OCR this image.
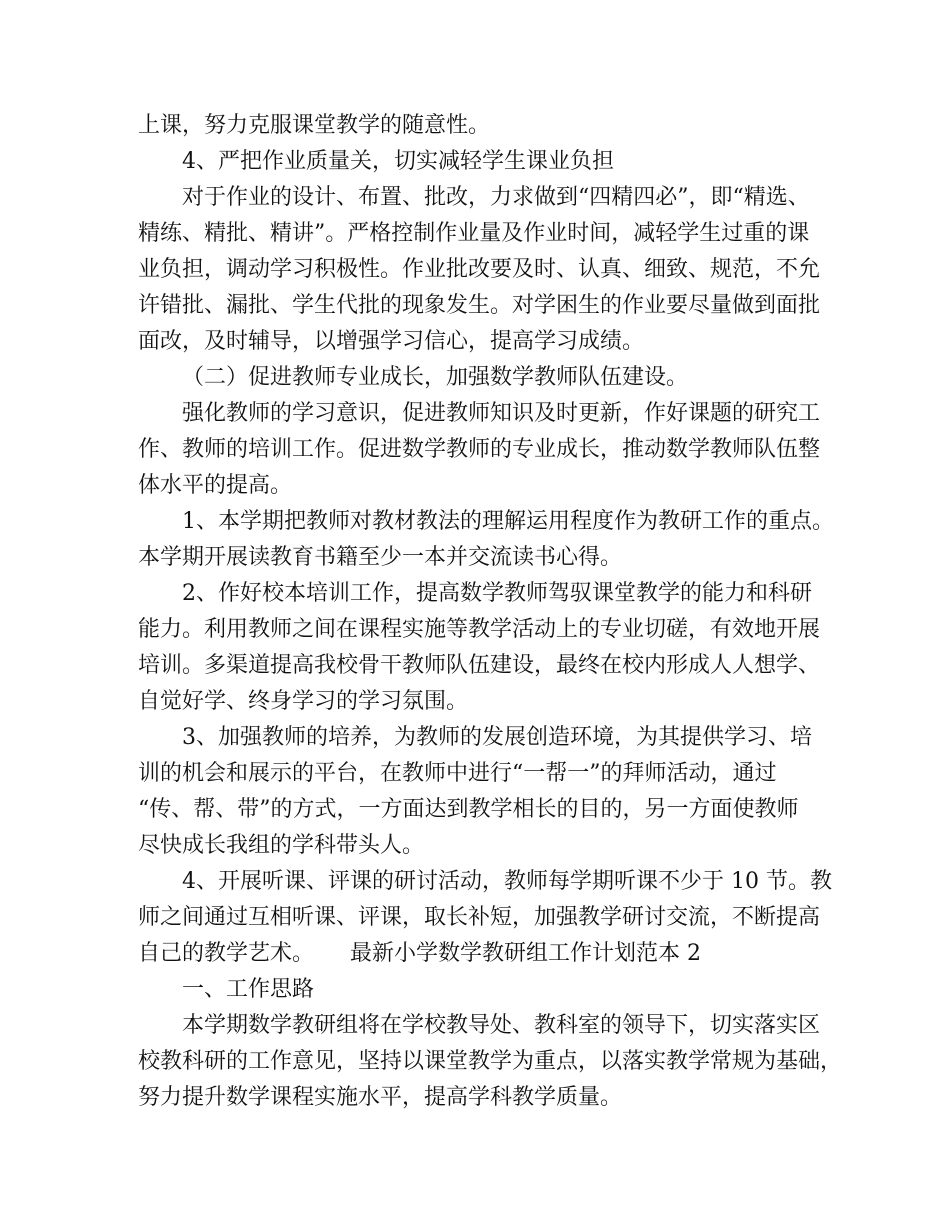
上课，努力克服课堂教学的随意性。
4、严把作业质量关，切实减轻学生课业负担
对于作业的设计、布置、批改，力求做到“四精四必”，即“精选、
精练、精批、精讲”。严格控制作业量及作业时间，减轻学生过重的课
业负担，调动学习积极性。作业批改要及时、认真、细致、规范，不允
许错批、漏批、学生代批的现象发生。对学困生的作业要尽量做到面批
面改，及时辅导，以增强学习信心，提高学习成绩。
（二）促进教师专业成长，加强数学教师队伍建设。
强化教师的学习意识，促进教师知识及时更新，作好课题的研究工
作、教师的培训工作。促进数学教师的专业成长，推动数学教师队伍整
体水平的提高。
1、本学期把教师对教材教法的理解运用程度作为教研工作的重点。
本学期开展读教育书籍至少一本并交流读书心得。
2、作好校本培训工作，提高数学教师驾驭课堂教学的能力和科研
能力。利用教师之间在课程实施等教学活动上的专业切磋，有效地开展
培训。多渠道提高我校骨干教师队伍建设，最终在校内形成人人想学、
自觉好学、终身学习的学习氛围。
3、加强教师的培养，为教师的发展创造环境，为其提供学习、培
训的机会和展示的平台，在教师中进行“一帮一”的拜师活动，通过
“传、帮、带”的方式，一方面达到教学相长的目的，另一方面使教师
尽快成长我组的学科带头人。
4、开展听课、评课的研讨活动，教师每学期听课不少于 10 节。教
师之间通过互相听课、评课，取长补短，加强教学研讨交流，不断提高
自己的教学艺术。 最新小学数学教研组工作计划范本 2
一、工作思路
本学期数学教研组将在学校教导处、教科室的领导下，切实落实区
校教科研的工作意见，坚持以课堂教学为重点，以落实教学常规为基础，
努力提升数学课程实施水平，提高学科教学质量。
